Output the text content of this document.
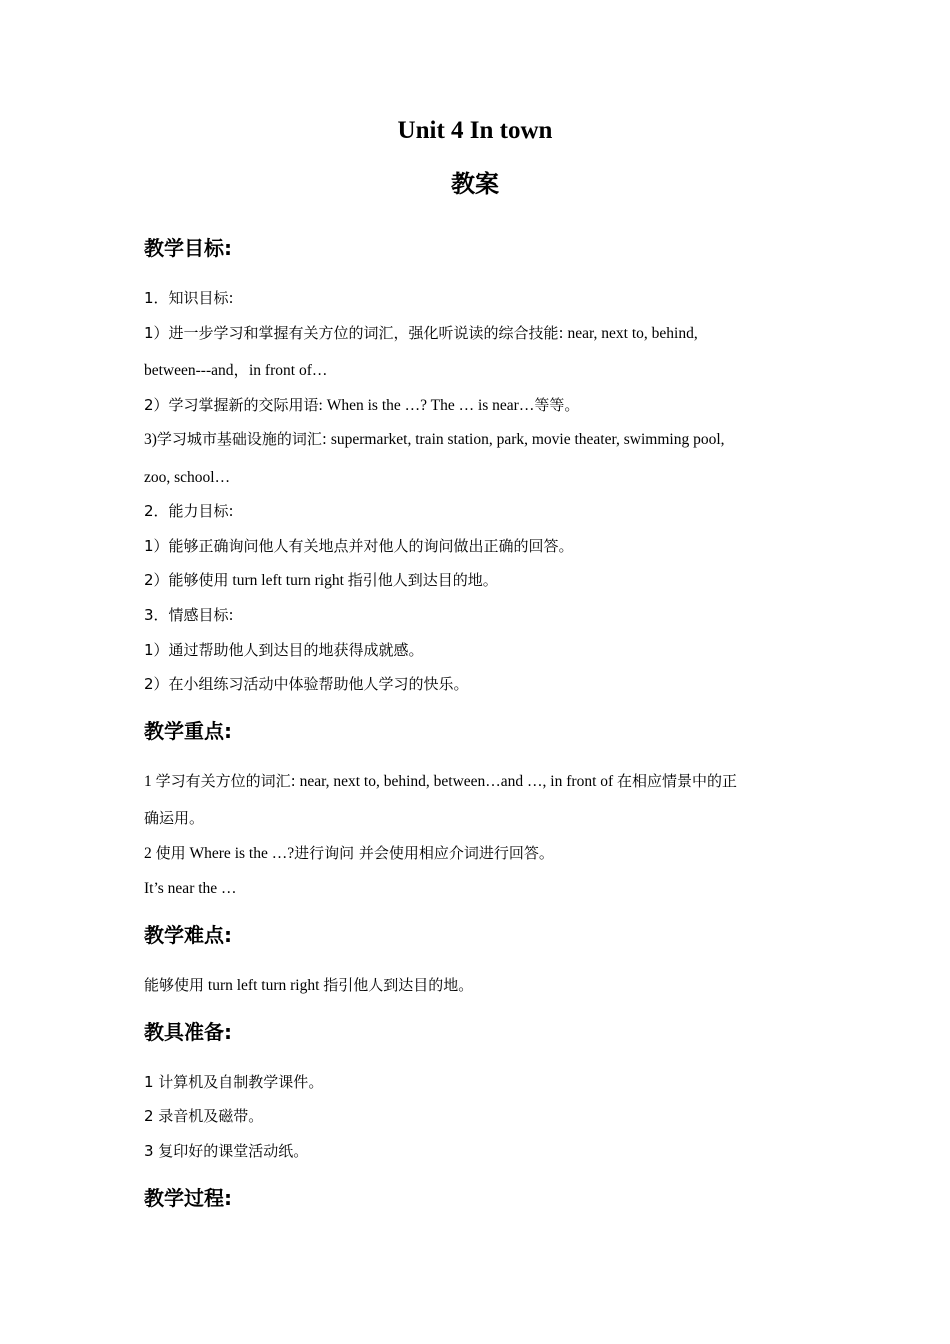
Unit 4 In town
教案
教学目标:

1．知识目标:

1）进一步学习和掌握有关方位的词汇，强化听说读的综合技能: near, next to, behind,

between---and，in front of…

2）学习掌握新的交际用语: When is the …? The … is near…等等。

3)学习城市基础设施的词汇: supermarket, train station, park, movie theater, swimming pool,

zoo, school…

2．能力目标:

1）能够正确询问他人有关地点并对他人的询问做出正确的回答。

2）能够使用 turn left turn right 指引他人到达目的地。

3．情感目标:

1）通过帮助他人到达目的地获得成就感。

2）在小组练习活动中体验帮助他人学习的快乐。

教学重点:

1 学习有关方位的词汇: near, next to, behind, between…and …, in front of 在相应情景中的正

确运用。

2 使用 Where is the …?进行询问 并会使用相应介词进行回答。

It’s near the …

教学难点:

能够使用 turn left turn right 指引他人到达目的地。

教具准备:

1 计算机及自制教学课件。

2 录音机及磁带。

3 复印好的课堂活动纸。

教学过程:
